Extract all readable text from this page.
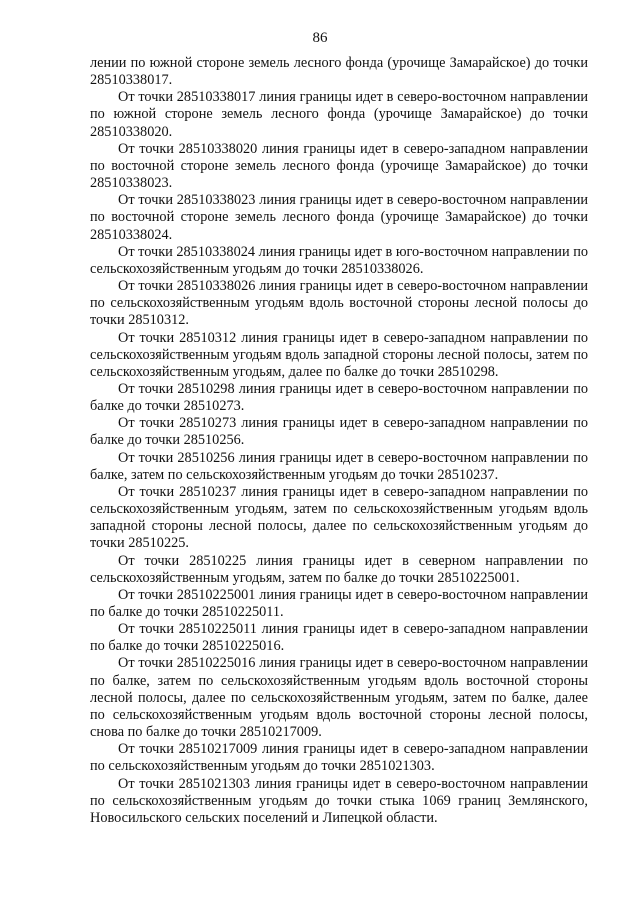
86

лении по южной стороне земель лесного фонда (урочище Замарайское) до точки 28510338017.

От точки 28510338017 линия границы идет в северо-восточном направлении по южной стороне земель лесного фонда (урочище Замарайское) до точки 28510338020.

От точки 28510338020 линия границы идет в северо-западном направлении по восточной стороне земель лесного фонда (урочище Замарайское) до точки 28510338023.

От точки 28510338023 линия границы идет в северо-восточном направлении по восточной стороне земель лесного фонда (урочище Замарайское) до точки 28510338024.

От точки 28510338024 линия границы идет в юго-восточном направлении по сельскохозяйственным угодьям до точки 28510338026.

От точки 28510338026 линия границы идет в северо-восточном направлении по сельскохозяйственным угодьям вдоль восточной стороны лесной полосы до точки 28510312.

От точки 28510312 линия границы идет в северо-западном направлении по сельскохозяйственным угодьям вдоль западной стороны лесной полосы, затем по сельскохозяйственным угодьям, далее по балке до точки 28510298.

От точки 28510298 линия границы идет в северо-восточном направлении по балке до точки 28510273.

От точки 28510273 линия границы идет в северо-западном направлении по балке до точки 28510256.

От точки 28510256 линия границы идет в северо-восточном направлении по балке, затем по сельскохозяйственным угодьям до точки 28510237.

От точки 28510237 линия границы идет в северо-западном направлении по сельскохозяйственным угодьям, затем по сельскохозяйственным угодьям вдоль западной стороны лесной полосы, далее по сельскохозяйственным угодьям до точки 28510225.

От точки 28510225 линия границы идет в северном направлении по сельскохозяйственным угодьям, затем по балке до точки 28510225001.

От точки 28510225001 линия границы идет в северо-восточном направлении по балке до точки 28510225011.

От точки 28510225011 линия границы идет в северо-западном направлении по балке до точки 28510225016.

От точки 28510225016 линия границы идет в северо-восточном направлении по балке, затем по сельскохозяйственным угодьям вдоль восточной стороны лесной полосы, далее по сельскохозяйственным угодьям, затем по балке, далее по сельскохозяйственным угодьям вдоль восточной стороны лесной полосы, снова по балке до точки 28510217009.

От точки 28510217009 линия границы идет в северо-западном направлении по сельскохозяйственным угодьям до точки 2851021303.

От точки 2851021303 линия границы идет в северо-восточном направлении по сельскохозяйственным угодьям до точки стыка 1069 границ Землянского, Новосильского сельских поселений и Липецкой области.
